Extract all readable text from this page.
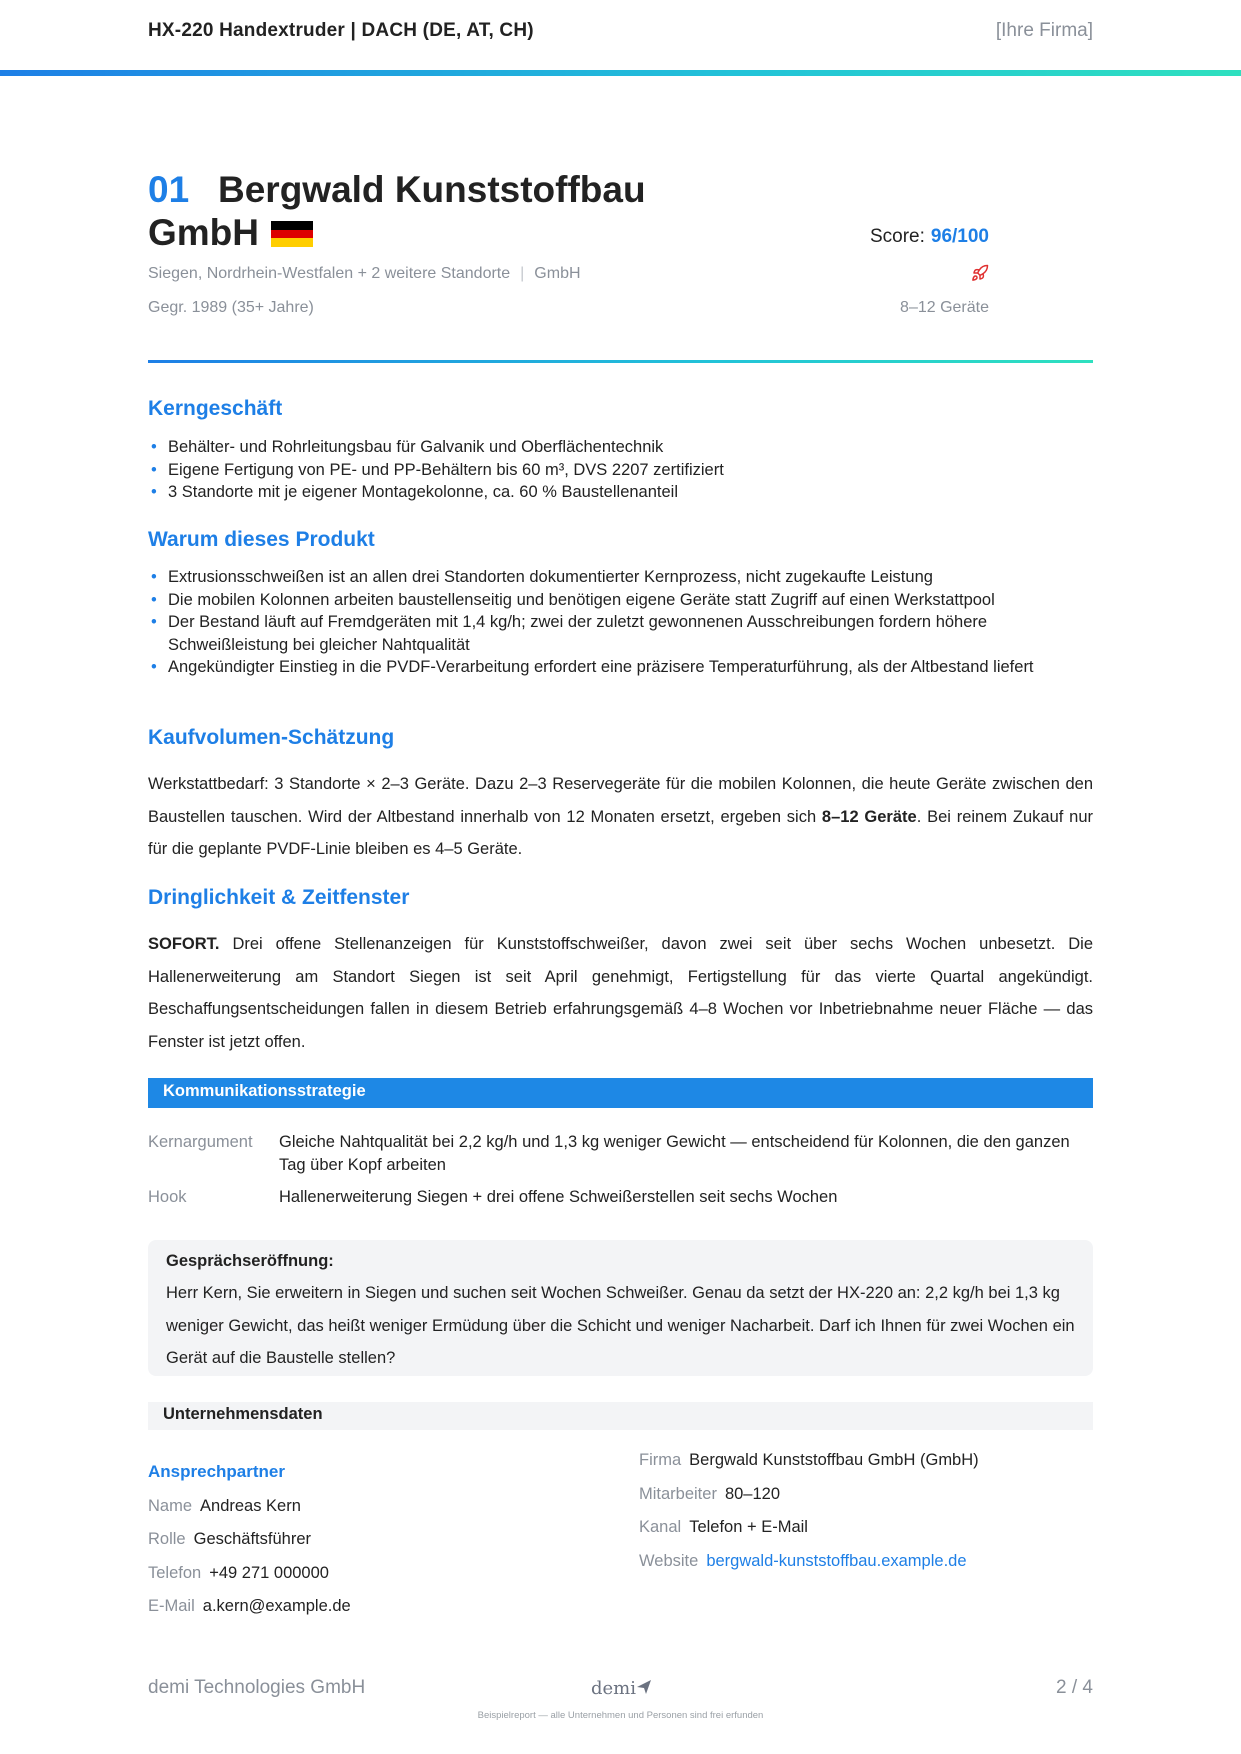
HX-220 Handextruder | DACH (DE, AT, CH)	[Ihre Firma]
01 Bergwald Kunststoffbau
GmbH	Score: 96/100
Siegen, Nordrhein-Westfalen + 2 weitere Standorte | GmbH
Gegr. 1989 (35+ Jahre)	8–12 Geräte
Kerngeschäft
• Behälter- und Rohrleitungsbau für Galvanik und Oberflächentechnik
• Eigene Fertigung von PE- und PP-Behältern bis 60 m³, DVS 2207 zertifiziert
• 3 Standorte mit je eigener Montagekolonne, ca. 60 % Baustellenanteil
Warum dieses Produkt
• Extrusionsschweißen ist an allen drei Standorten dokumentierter Kernprozess, nicht zugekaufte Leistung
• Die mobilen Kolonnen arbeiten baustellenseitig und benötigen eigene Geräte statt Zugriff auf einen Werkstattpool
• Der Bestand läuft auf Fremdgeräten mit 1,4 kg/h; zwei der zuletzt gewonnenen Ausschreibungen fordern höhere Schweißleistung bei gleicher Nahtqualität
• Angekündigter Einstieg in die PVDF-Verarbeitung erfordert eine präzisere Temperaturführung, als der Altbestand liefert
Kaufvolumen-Schätzung
Werkstattbedarf: 3 Standorte × 2–3 Geräte. Dazu 2–3 Reservegeräte für die mobilen Kolonnen, die heute Geräte zwischen den Baustellen tauschen. Wird der Altbestand innerhalb von 12 Monaten ersetzt, ergeben sich 8–12 Geräte. Bei reinem Zukauf nur für die geplante PVDF-Linie bleiben es 4–5 Geräte.
Dringlichkeit & Zeitfenster
SOFORT. Drei offene Stellenanzeigen für Kunststoffschweißer, davon zwei seit über sechs Wochen unbesetzt. Die Hallenerweiterung am Standort Siegen ist seit April genehmigt, Fertigstellung für das vierte Quartal angekündigt. Beschaffungsentscheidungen fallen in diesem Betrieb erfahrungsgemäß 4–8 Wochen vor Inbetriebnahme neuer Fläche — das Fenster ist jetzt offen.
Kommunikationsstrategie
Kernargument	Gleiche Nahtqualität bei 2,2 kg/h und 1,3 kg weniger Gewicht — entscheidend für Kolonnen, die den ganzen Tag über Kopf arbeiten
Hook	Hallenerweiterung Siegen + drei offene Schweißerstellen seit sechs Wochen
Gesprächseröffnung:
Herr Kern, Sie erweitern in Siegen und suchen seit Wochen Schweißer. Genau da setzt der HX-220 an: 2,2 kg/h bei 1,3 kg weniger Gewicht, das heißt weniger Ermüdung über die Schicht und weniger Nacharbeit. Darf ich Ihnen für zwei Wochen ein Gerät auf die Baustelle stellen?
Unternehmensdaten
Ansprechpartner
Name Andreas Kern
Rolle Geschäftsführer
Telefon +49 271 000000
E-Mail a.kern@example.de
Firma Bergwald Kunststoffbau GmbH (GmbH)
Mitarbeiter 80–120
Kanal Telefon + E-Mail
Website bergwald-kunststoffbau.example.de
demi Technologies GmbH	demi	2 / 4
Beispielreport — alle Unternehmen und Personen sind frei erfunden
